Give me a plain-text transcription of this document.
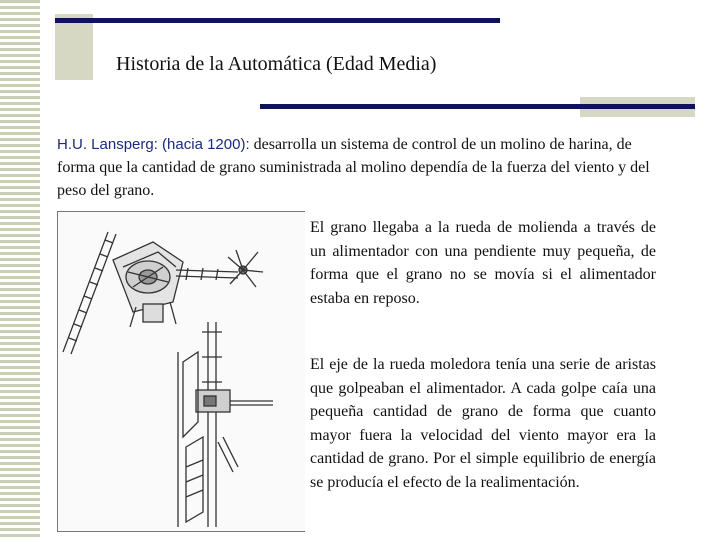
Historia de la Automática (Edad Media)
H.U. Lansperg: (hacia 1200): desarrolla un sistema de control de un molino de harina, de forma que la cantidad de grano suministrada al molino dependía de la fuerza del viento y del peso del grano.
El grano llegaba a la rueda de molienda a través de un alimentador con una pendiente muy pequeña, de forma que el grano no se movía si el alimentador estaba en reposo.
El eje de la rueda moledora tenía una serie de aristas que golpeaban el alimentador. A cada golpe caía una pequeña cantidad de grano de forma que cuanto mayor fuera la velocidad del viento mayor era la cantidad de grano. Por el simple equilibrio de energía se producía el efecto de la realimentación.
